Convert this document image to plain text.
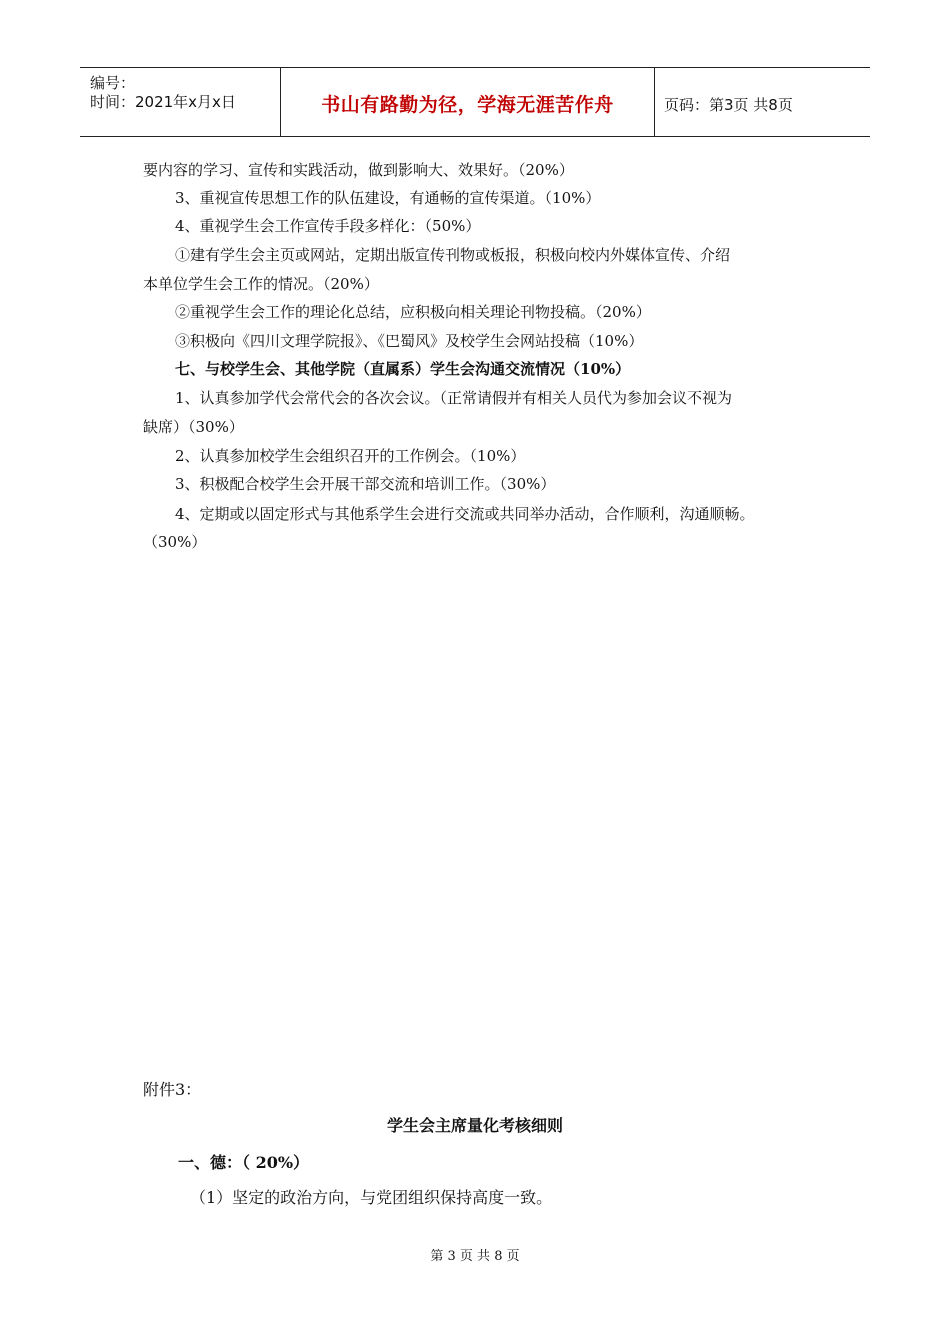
编号：
时间：2021年x月x日	书山有路勤为径，学海无涯苦作舟	页码：第3页 共8页
要内容的学习、宣传和实践活动，做到影响大、效果好。（20%）
3、重视宣传思想工作的队伍建设，有通畅的宣传渠道。（10%）
4、重视学生会工作宣传手段多样化：（50%）
①建有学生会主页或网站，定期出版宣传刊物或板报，积极向校内外媒体宣传、介绍
本单位学生会工作的情况。（20%）
②重视学生会工作的理论化总结，应积极向相关理论刊物投稿。（20%）
③积极向《四川文理学院报》、《巴蜀风》及校学生会网站投稿（10%）
七、与校学生会、其他学院（直属系）学生会沟通交流情况（10%）
1、认真参加学代会常代会的各次会议。（正常请假并有相关人员代为参加会议不视为
缺席）（30%）
2、认真参加校学生会组织召开的工作例会。（10%）
3、积极配合校学生会开展干部交流和培训工作。（30%）
4、定期或以固定形式与其他系学生会进行交流或共同举办活动，合作顺利，沟通顺畅。
（30%）
附件3：
学生会主席量化考核细则
一、德：（ 20%）
（1）坚定的政治方向，与党团组织保持高度一致。
第 3 页 共 8 页
